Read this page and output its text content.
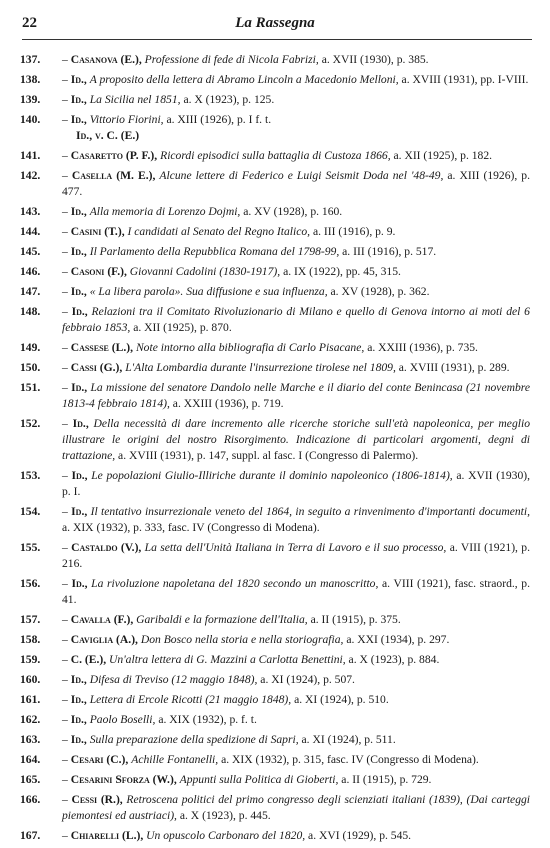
22	La Rassegna
137.	– Casanova (E.), Professione di fede di Nicola Fabrizi, a. XVII (1930), p. 385.
138.	– Id., A proposito della lettera di Abramo Lincoln a Macedonio Melloni, a. XVIII (1931), pp. I-VIII.
139.	– Id., La Sicilia nel 1851, a. X (1923), p. 125.
140.	– Id., Vittorio Fiorini, a. XIII (1926), p. I f. t.
Id., v. C. (E.)
141.	– Casaretto (P. F.), Ricordi episodici sulla battaglia di Custoza 1866, a. XII (1925), p. 182.
142.	– Casella (M. E.), Alcune lettere di Federico e Luigi Seismit Doda nel '48-49, a. XIII (1926), p. 477.
143.	– Id., Alla memoria di Lorenzo Dojmi, a. XV (1928), p. 160.
144.	– Casini (T.), I candidati al Senato del Regno Italico, a. III (1916), p. 9.
145.	– Id., Il Parlamento della Repubblica Romana del 1798-99, a. III (1916), p. 517.
146.	– Casoni (F.), Giovanni Cadolini (1830-1917), a. IX (1922), pp. 45, 315.
147.	– Id., « La libera parola». Sua diffusione e sua influenza, a. XV (1928), p. 362.
148.	– Id., Relazioni tra il Comitato Rivoluzionario di Milano e quello di Genova intorno ai moti del 6 febbraio 1853, a. XII (1925), p. 870.
149.	– Cassese (L.), Note intorno alla bibliografia di Carlo Pisacane, a. XXIII (1936), p. 735.
150.	– Cassi (G.), L'Alta Lombardia durante l'insurrezione tirolese nel 1809, a. XVIII (1931), p. 289.
151.	– Id., La missione del senatore Dandolo nelle Marche e il diario del conte Benincasa (21 novembre 1813-4 febbraio 1814), a. XXIII (1936), p. 719.
152.	– Id., Della necessità di dare incremento alle ricerche storiche sull'età napoleonica, per meglio illustrare le origini del nostro Risorgimento. Indicazione di particolari argomenti, degni di trattazione, a. XVIII (1931), p. 147, suppl. al fasc. I (Congresso di Palermo).
153.	– Id., Le popolazioni Giulio-Illiriche durante il dominio napoleonico (1806-1814), a. XVII (1930), p. I.
154.	– Id., Il tentativo insurrezionale veneto del 1864, in seguito a rinvenimento d'importanti documenti, a. XIX (1932), p. 333, fasc. IV (Congresso di Modena).
155.	– Castaldo (V.), La setta dell'Unità Italiana in Terra di Lavoro e il suo processo, a. VIII (1921), p. 216.
156.	– Id., La rivoluzione napoletana del 1820 secondo un manoscritto, a. VIII (1921), fasc. straord., p. 41.
157.	– Cavalla (F.), Garibaldi e la formazione dell'Italia, a. II (1915), p. 375.
158.	– Caviglia (A.), Don Bosco nella storia e nella storiografia, a. XXI (1934), p. 297.
159.	– C. (E.), Un'altra lettera di G. Mazzini a Carlotta Benettini, a. X (1923), p. 884.
160.	– Id., Difesa di Treviso (12 maggio 1848), a. XI (1924), p. 507.
161.	– Id., Lettera di Ercole Ricotti (21 maggio 1848), a. XI (1924), p. 510.
162.	– Id., Paolo Boselli, a. XIX (1932), p. f. t.
163.	– Id., Sulla preparazione della spedizione di Sapri, a. XI (1924), p. 511.
164.	– Cesari (C.), Achille Fontanelli, a. XIX (1932), p. 315, fasc. IV (Congresso di Modena).
165.	– Cesarini Sforza (W.), Appunti sulla Politica di Gioberti, a. II (1915), p. 729.
166.	– Cessi (R.), Retroscena politici del primo congresso degli scienziati italiani (1839), (Dai carteggi piemontesi ed austriaci), a. X (1923), p. 445.
167.	– Chiarelli (L.), Un opuscolo Carbonaro del 1820, a. XVI (1929), p. 545.
